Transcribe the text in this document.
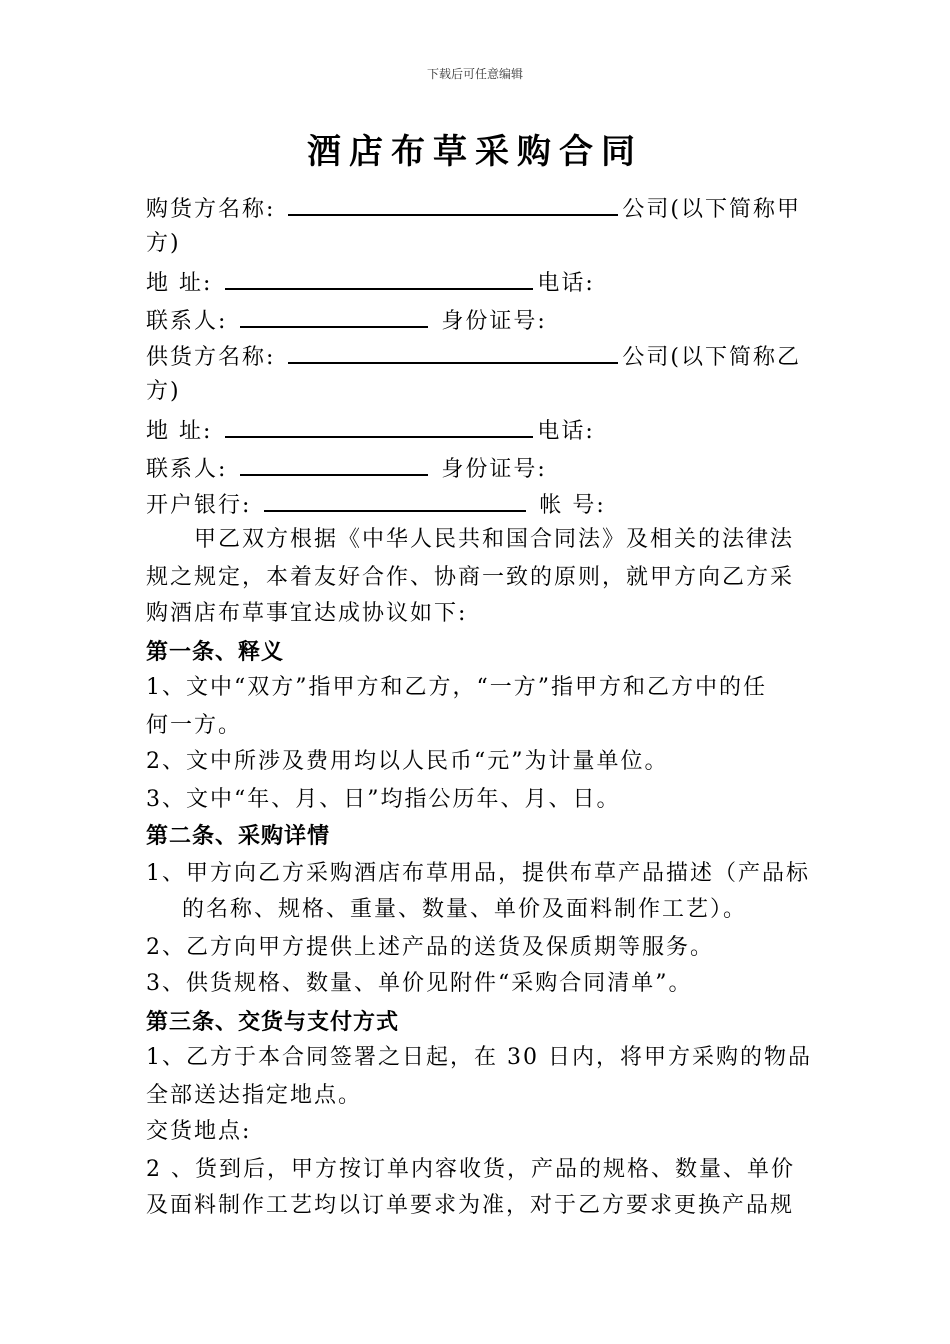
下载后可任意编辑
酒店布草采购合同
购货方名称:	公司(以下简称甲
方)
地 址:	电话:
联系人:	身份证号:
供货方名称:	公司(以下简称乙
方)
地 址:	电话:
联系人:	身份证号:
开户银行:	帐 号:
甲乙双方根据《中华人民共和国合同法》及相关的法律法
规之规定，本着友好合作、协商一致的原则，就甲方向乙方采
购酒店布草事宜达成协议如下:
第一条、释义
1、文中“双方”指甲方和乙方，“一方”指甲方和乙方中的任
何一方。
2、文中所涉及费用均以人民币“元”为计量单位。
3、文中“年、月、日”均指公历年、月、日。
第二条、采购详情
1、甲方向乙方采购酒店布草用品，提供布草产品描述（产品标
的名称、规格、重量、数量、单价及面料制作工艺）。
2、乙方向甲方提供上述产品的送货及保质期等服务。
3、供货规格、数量、单价见附件“采购合同清单”。
第三条、交货与支付方式
1、乙方于本合同签署之日起，在 30 日内，将甲方采购的物品
全部送达指定地点。
交货地点:
2 、货到后，甲方按订单内容收货，产品的规格、数量、单价
及面料制作工艺均以订单要求为准，对于乙方要求更换产品规
